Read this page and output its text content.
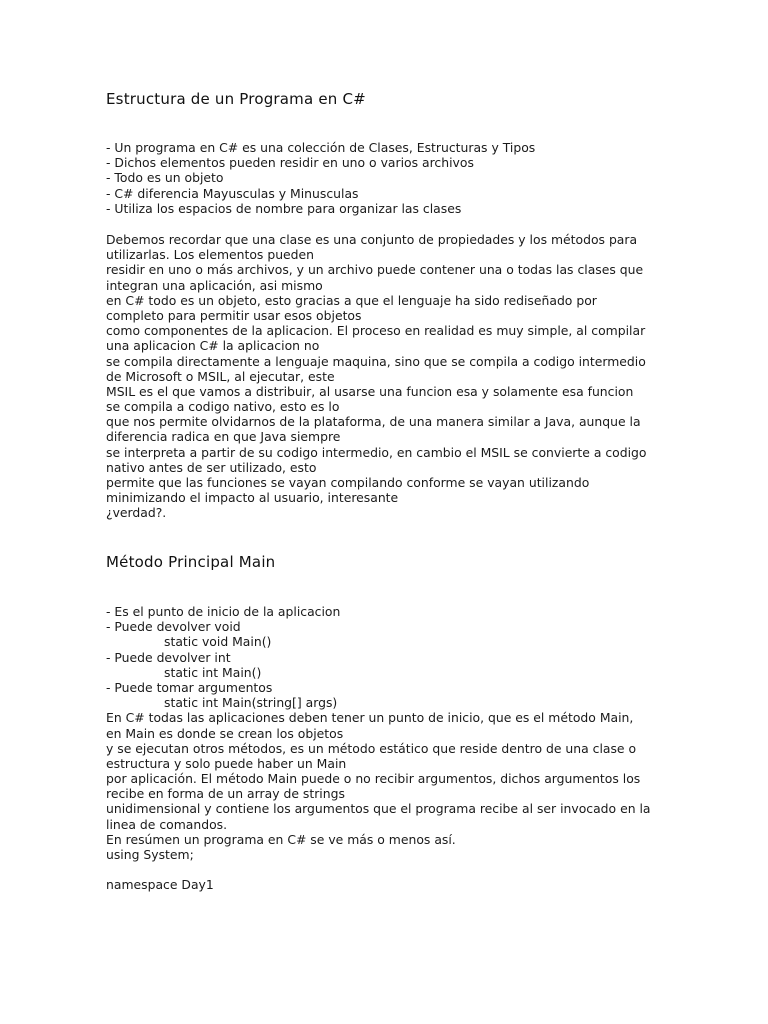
Estructura de un Programa en C#
- Un programa en C# es una colección de Clases, Estructuras y Tipos
- Dichos elementos pueden residir en uno o varios archivos
- Todo es un objeto
- C# diferencia Mayusculas y Minusculas
- Utiliza los espacios de nombre para organizar las clases
Debemos recordar que una clase es una conjunto de propiedades y los métodos para
utilizarlas. Los elementos pueden
residir en uno o más archivos, y un archivo puede contener una o todas las clases que
integran una aplicación, asi mismo
en C# todo es un objeto, esto gracias a que el lenguaje ha sido rediseñado por
completo para permitir usar esos objetos
como componentes de la aplicacion. El proceso en realidad es muy simple, al compilar
una aplicacion C# la aplicacion no
se compila directamente a lenguaje maquina, sino que se compila a codigo intermedio
de Microsoft o MSIL, al ejecutar, este
MSIL es el que vamos a distribuir, al usarse una funcion esa y solamente esa funcion
se compila a codigo nativo, esto es lo
que nos permite olvidarnos de la plataforma, de una manera similar a Java, aunque la
diferencia radica en que Java siempre
se interpreta a partir de su codigo intermedio, en cambio el MSIL se convierte a codigo
nativo antes de ser utilizado, esto
permite que las funciones se vayan compilando conforme se vayan utilizando
minimizando el impacto al usuario, interesante
¿verdad?.
Método Principal Main
- Es el punto de inicio de la aplicacion
- Puede devolver void
static void Main()
- Puede devolver int
static int Main()
- Puede tomar argumentos
static int Main(string[] args)
En C# todas las aplicaciones deben tener un punto de inicio, que es el método Main,
en Main es donde se crean los objetos
y se ejecutan otros métodos, es un método estático que reside dentro de una clase o
estructura y solo puede haber un Main
por aplicación. El método Main puede o no recibir argumentos, dichos argumentos los
recibe en forma de un array de strings
unidimensional y contiene los argumentos que el programa recibe al ser invocado en la
linea de comandos.
En resúmen un programa en C# se ve más o menos así.
using System;
namespace Day1
